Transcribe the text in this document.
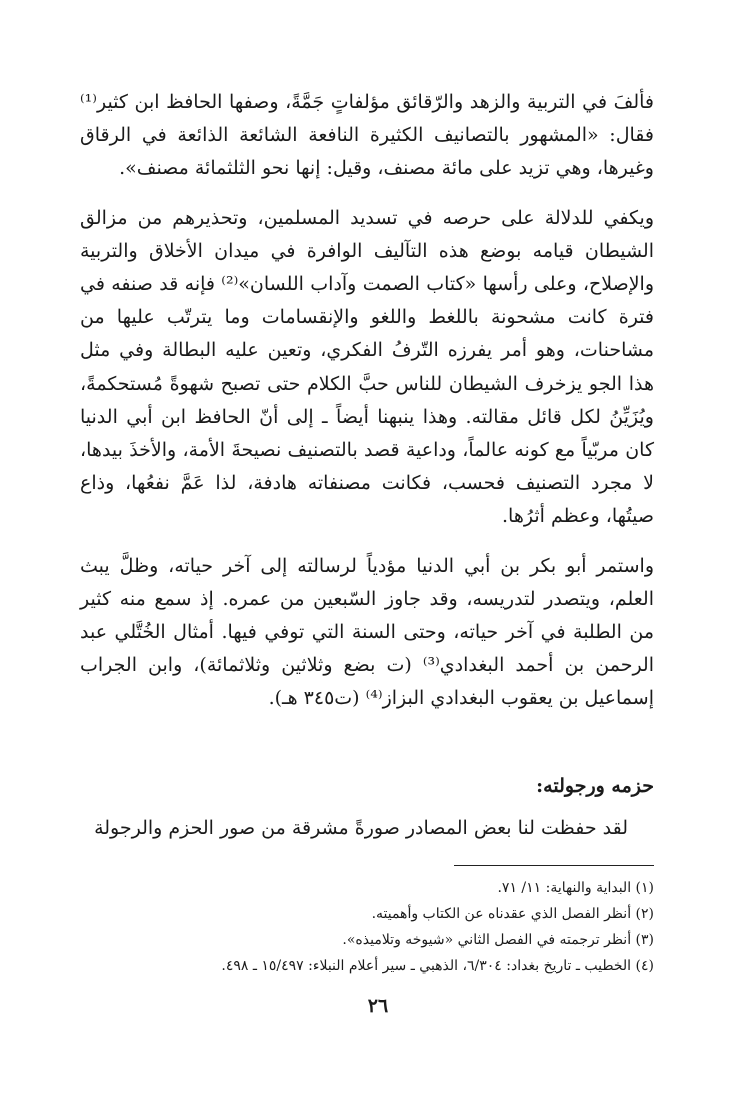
فألفَ في التربية والزهد والرّقائق مؤلفاتٍ جَمَّةً، وصفها الحافظ ابن كثير⁽¹⁾ فقال: «المشهور بالتصانيف الكثيرة النافعة الشائعة الذائعة في الرقاق وغيرها، وهي تزيد على مائة مصنف، وقيل: إنها نحو الثلثمائة مصنف».

ويكفي للدلالة على حرصه في تسديد المسلمين، وتحذيرهم من مزالق الشيطان قيامه بوضع هذه التآليف الوافرة في ميدان الأخلاق والتربية والإصلاح، وعلى رأسها «كتاب الصمت وآداب اللسان»⁽²⁾ فإنه قد صنفه في فترة كانت مشحونة باللغط واللغو والإنقسامات وما يترتّب عليها من مشاحنات، وهو أمر يفرزه التّرفُ الفكري، وتعين عليه البطالة وفي مثل هذا الجو يزخرف الشيطان للناس حبَّ الكلام حتى تصبح شهوةً مُستحكمةً، ويُزَيِّنُ لكل قائل مقالته. وهذا ينبهنا أيضاً ـ إلى أنّ الحافظ ابن أبي الدنيا كان مربّياً مع كونه عالماً، وداعية قصد بالتصنيف نصيحةَ الأمة، والأخذَ بيدها، لا مجرد التصنيف فحسب، فكانت مصنفاته هادفة، لذا عَمَّ نفعُها، وذاع صيتُها، وعظم أثرُها.

واستمر أبو بكر بن أبي الدنيا مؤدياً لرسالته إلى آخر حياته، وظلَّ يبث العلم، ويتصدر لتدريسه، وقد جاوز السّبعين من عمره. إذ سمع منه كثير من الطلبة في آخر حياته، وحتى السنة التي توفي فيها. أمثال الخُتَّلي عبد الرحمن بن أحمد البغدادي⁽³⁾ (ت بضع وثلاثين وثلاثمائة)، وابن الجراب إسماعيل بن يعقوب البغدادي البزاز⁽⁴⁾ (ت٣٤٥ هـ).

حزمه ورجولته:

لقد حفظت لنا بعض المصادر صورةً مشرقة من صور الحزم والرجولة

(١) البداية والنهاية: ١١/ ٧١.

(٢) أنظر الفصل الذي عقدناه عن الكتاب وأهميته.

(٣) أنظر ترجمته في الفصل الثاني «شيوخه وتلاميذه».

(٤) الخطيب ـ تاريخ بغداد: ٦/٣٠٤، الذهبي ـ سير أعلام النبلاء: ١٥/٤٩٧ ـ ٤٩٨.

٢٦
